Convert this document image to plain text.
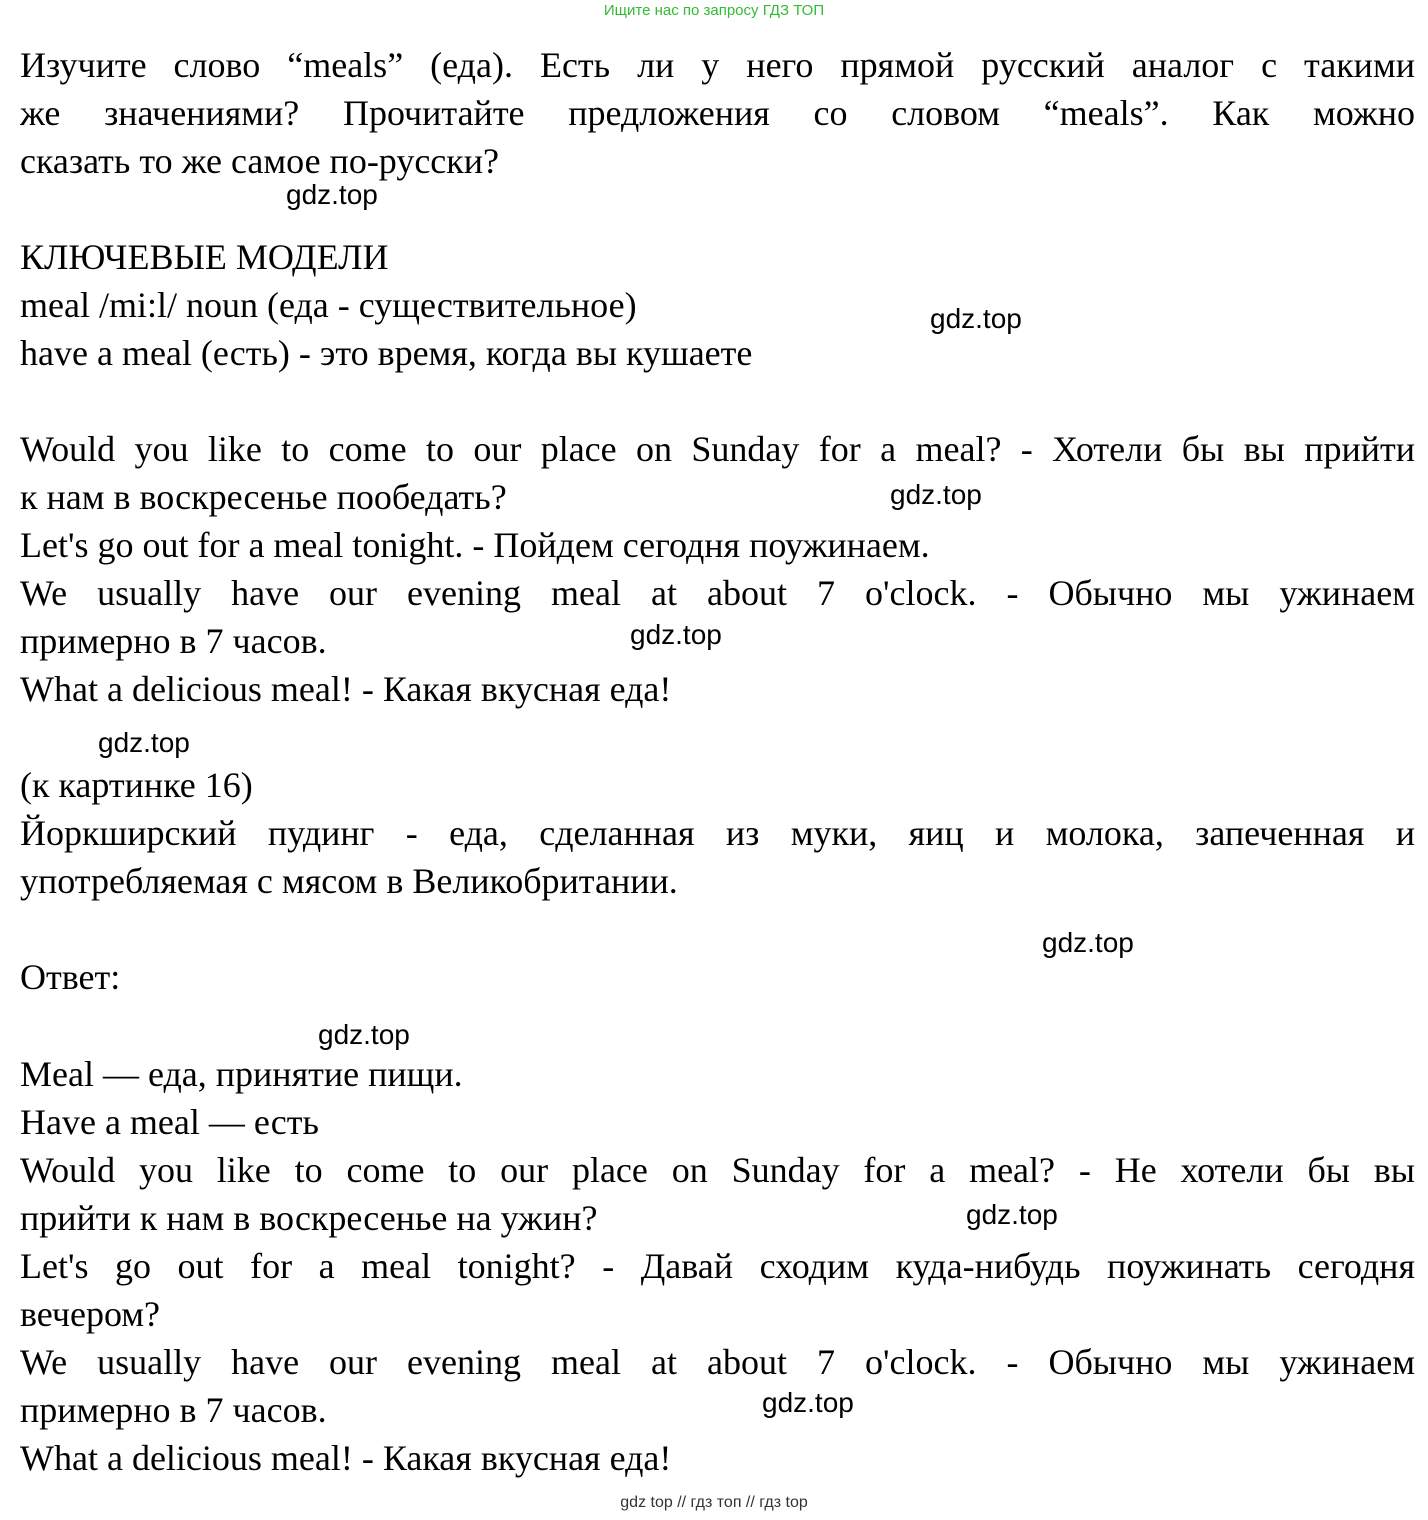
Ищите нас по запросу ГДЗ ТОП
Изучите слово “meals” (еда). Есть ли у него прямой русский аналог с такими
же значениями? Прочитайте предложения со словом “meals”. Как можно
сказать то же самое по-русски?
gdz.top
КЛЮЧЕВЫЕ МОДЕЛИ
meal /mi:l/ noun (еда - существительное)	gdz.top
have a meal (есть) - это время, когда вы кушаете
Would you like to come to our place on Sunday for a meal? - Хотели бы вы прийти
к нам в воскресенье пообедать?	gdz.top
Let's go out for a meal tonight. - Пойдем сегодня поужинаем.
We usually have our evening meal at about 7 o'clock. - Обычно мы ужинаем
примерно в 7 часов.	gdz.top
What a delicious meal! - Какая вкусная еда!
gdz.top
(к картинке 16)
Йоркширский пудинг - еда, сделанная из муки, яиц и молока, запеченная и
употребляемая с мясом в Великобритании.
gdz.top
Ответ:
gdz.top
Meal — еда, принятие пищи.
Have a meal — есть
Would you like to come to our place on Sunday for a meal? - Не хотели бы вы
прийти к нам в воскресенье на ужин?	gdz.top
Let's go out for a meal tonight? - Давай сходим куда-нибудь поужинать сегодня
вечером?
We usually have our evening meal at about 7 o'clock. - Обычно мы ужинаем
примерно в 7 часов.	gdz.top
What a delicious meal! - Какая вкусная еда!
gdz top // гдз топ // гдз top
